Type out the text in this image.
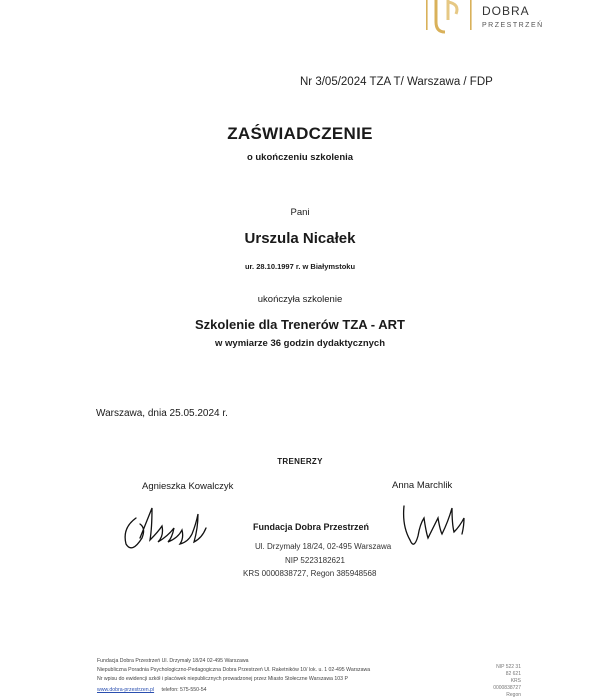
DOBRA
PRZESTRZEŃ
Nr 3/05/2024 TZA T/ Warszawa / FDP
ZAŚWIADCZENIE
o ukończeniu szkolenia
Pani
Urszula Nicałek
ur. 28.10.1997 r. w Białymstoku
ukończyła szkolenie
Szkolenie dla Trenerów TZA - ART
w wymiarze 36 godzin dydaktycznych
Warszawa, dnia 25.05.2024 r.
TRENERZY
Agnieszka Kowalczyk	Anna Marchlik
Fundacja Dobra Przestrzeń
Ul. Drzymały 18/24, 02-495 Warszawa
NIP 5223182621
KRS 0000838727, Regon 385948568
Fundacja Dobra Przestrzeń Ul. Drzymały 18/24 02-495 Warszawa
Niepubliczna Poradnia Psychologiczno-Pedagogiczna Dobra Przestrzeń Ul. Raketników 10/ lok. u. 1 02-495 Warszawa
Nr wpisu do ewidencji szkół i placówek niepublicznych prowadzonej przez Miasto Stołeczne Warszawa 103 P
www.dobra-przestrzen.pl telefon: 575-550-54
NIP 522 31
82 621
KRS
0000838727
Regon
